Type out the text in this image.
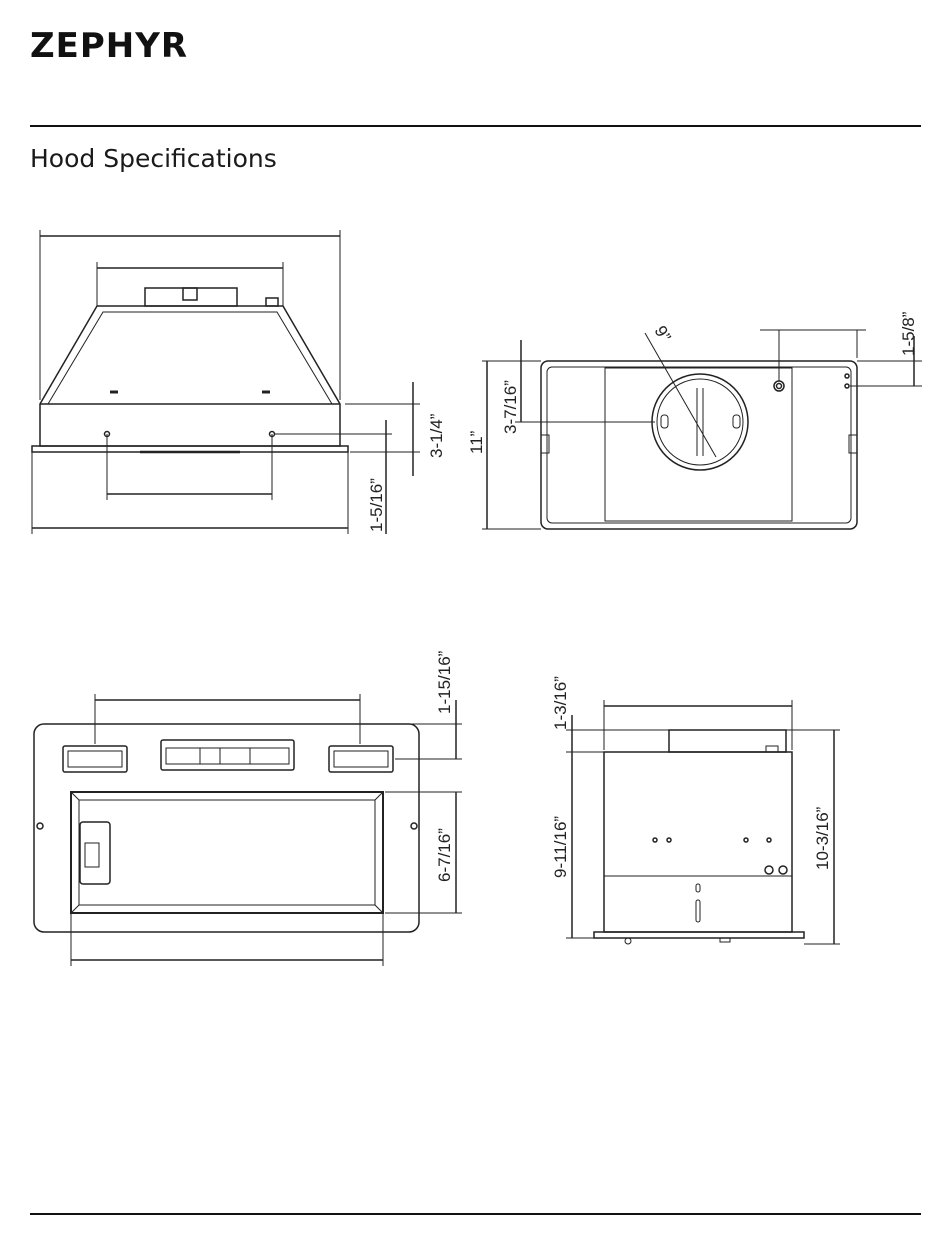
ZEPHYR
Hood Specifications
3-1/4”
1-5/16”
9”	1-5/8”
3-7/16”
11”
1-15/16”
6-7/16”
1-3/16”
9-11/16”	10-3/16”
